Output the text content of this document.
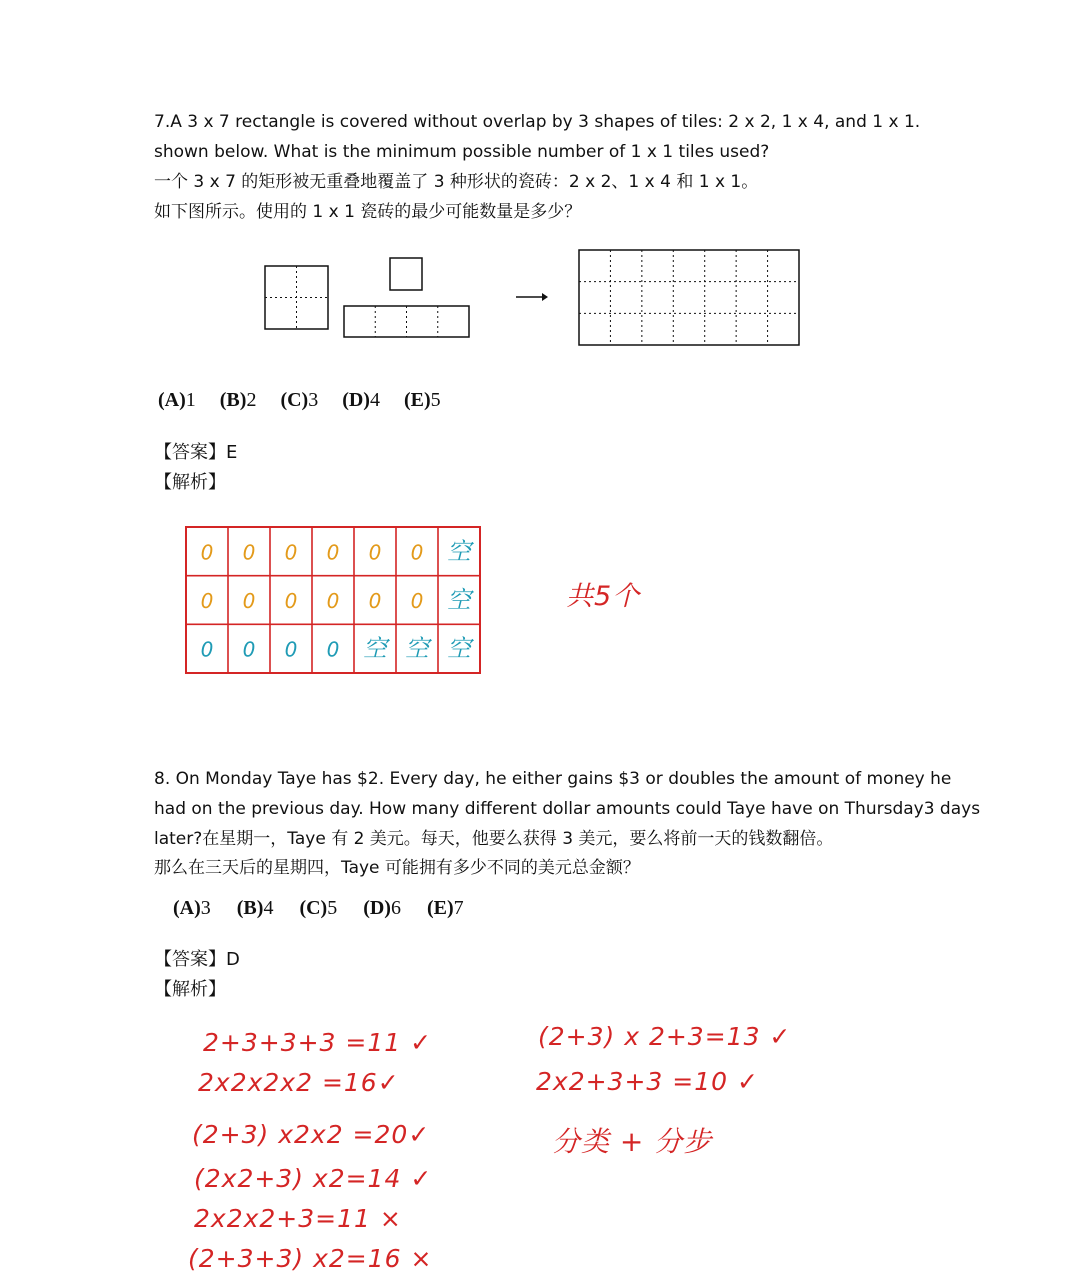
7.A 3 x 7 rectangle is covered without overlap by 3 shapes of tiles: 2 x 2, 1 x 4, and 1 x 1.
shown below. What is the minimum possible number of 1 x 1 tiles used?
一个 3 x 7 的矩形被无重叠地覆盖了 3 种形状的瓷砖：2 x 2、1 x 4 和 1 x 1。
如下图所示。使用的 1 x 1 瓷砖的最少可能数量是多少？
(A)1 (B)2 (C)3 (D)4 (E)5
【答案】E
【解析】
0 0 0 0 0 0 空
0 0 0 0 0 0 空
0 0 0 0 空 空 空
共5个
8. On Monday Taye has $2. Every day, he either gains $3 or doubles the amount of money he
had on the previous day. How many different dollar amounts could Taye have on Thursday3 days
later?在星期一，Taye 有 2 美元。每天，他要么获得 3 美元，要么将前一天的钱数翻倍。
那么在三天后的星期四，Taye 可能拥有多少不同的美元总金额？
(A)3 (B)4 (C)5 (D)6 (E)7
【答案】D
【解析】
2+3+3+3 =11 ✓
2x2x2x2 =16✓
(2+3) x2x2 =20✓
(2x2+3) x2=14 ✓
2x2x2+3=11 ×
(2+3+3) x2=16 ×
(2+3) x 2+3=13 ✓
2x2+3+3 =10 ✓
分类 + 分步
